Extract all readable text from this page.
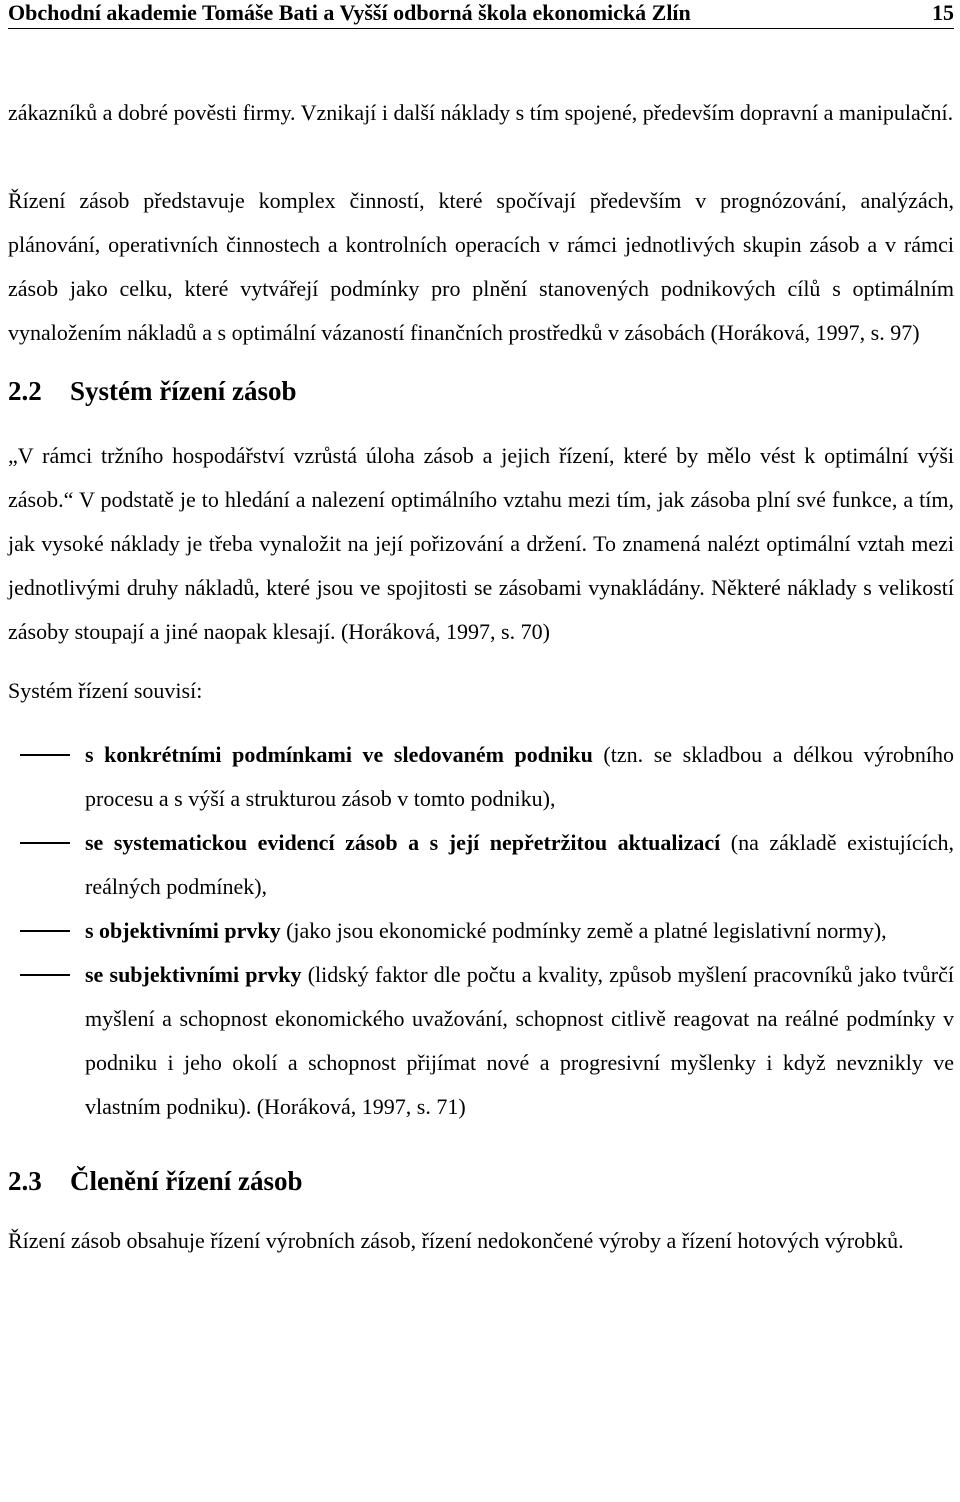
Obchodní akademie Tomáše Bati a Vyšší odborná škola ekonomická Zlín	15

zákazníků a dobré pověsti firmy. Vznikají i další náklady s tím spojené, především dopravní a manipulační.

Řízení zásob představuje komplex činností, které spočívají především v prognózování, analýzách, plánování, operativních činnostech a kontrolních operacích v rámci jednotlivých skupin zásob a v rámci zásob jako celku, které vytvářejí podmínky pro plnění stanovených podnikových cílů s optimálním vynaložením nákladů a s optimální vázaností finančních prostředků v zásobách (Horáková, 1997, s. 97)

2.2	Systém řízení zásob

„V rámci tržního hospodářství vzrůstá úloha zásob a jejich řízení, které by mělo vést k optimální výši zásob.“ V podstatě je to hledání a nalezení optimálního vztahu mezi tím, jak zásoba plní své funkce, a tím, jak vysoké náklady je třeba vynaložit na její pořizování a držení. To znamená nalézt optimální vztah mezi jednotlivými druhy nákladů, které jsou ve spojitosti se zásobami vynakládány. Některé náklady s velikostí zásoby stoupají a jiné naopak klesají. (Horáková, 1997, s. 70)

Systém řízení souvisí:

s konkrétními podmínkami ve sledovaném podniku (tzn. se skladbou a délkou výrobního procesu a s výší a strukturou zásob v tomto podniku),
se systematickou evidencí zásob a s její nepřetržitou aktualizací (na základě existujících, reálných podmínek),
s objektivními prvky (jako jsou ekonomické podmínky země a platné legislativní normy),
se subjektivními prvky (lidský faktor dle počtu a kvality, způsob myšlení pracovníků jako tvůrčí myšlení a schopnost ekonomického uvažování, schopnost citlivě reagovat na reálné podmínky v podniku i jeho okolí a schopnost přijímat nové a progresivní myšlenky i když nevznikly ve vlastním podniku). (Horáková, 1997, s. 71)
2.3	Členění řízení zásob

Řízení zásob obsahuje řízení výrobních zásob, řízení nedokončené výroby a řízení hotových výrobků.
